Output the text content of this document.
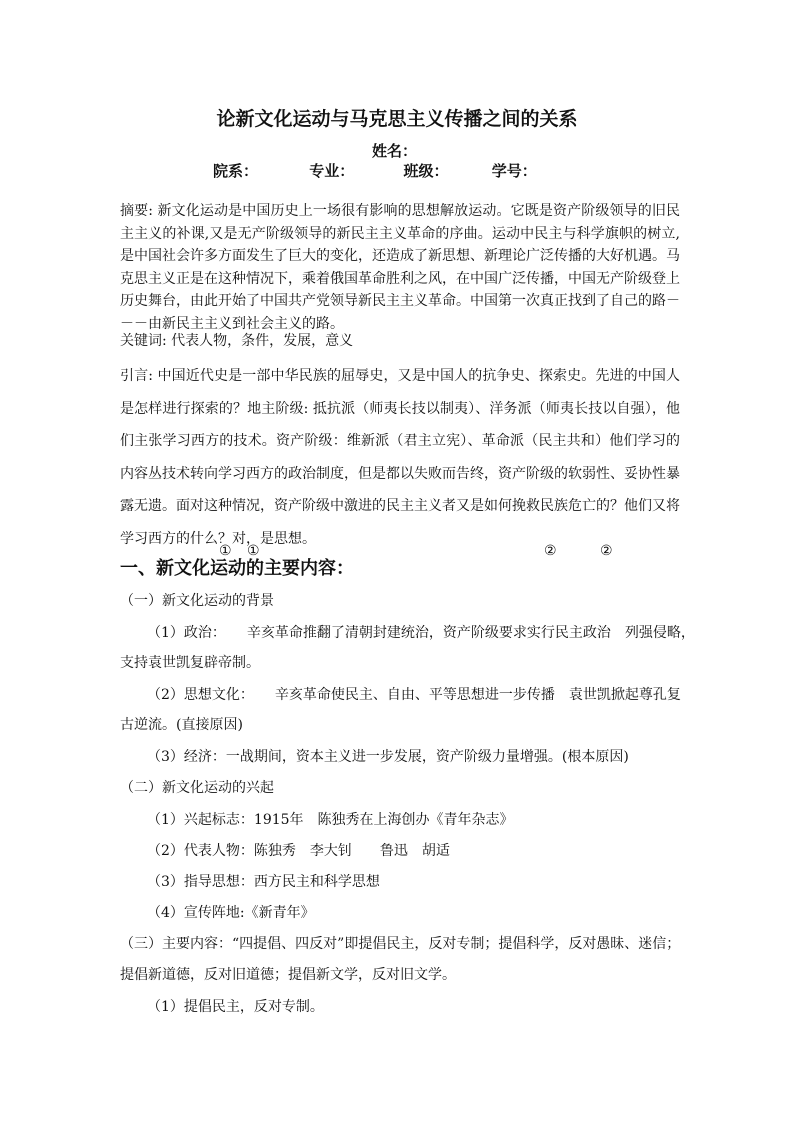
论新文化运动与马克思主义传播之间的关系
姓名：
院系：	专业：	班级：	学号：
摘要: 新文化运动是中国历史上一场很有影响的思想解放运动。它既是资产阶级领导的旧民主主义的补课,又是无产阶级领导的新民主主义革命的序曲。运动中民主与科学旗帜的树立,是中国社会许多方面发生了巨大的变化，还造成了新思想、新理论广泛传播的大好机遇。马克思主义正是在这种情况下，乘着俄国革命胜利之风，在中国广泛传播，中国无产阶级登上历史舞台，由此开始了中国共产党领导新民主主义革命。中国第一次真正找到了自己的路－－－由新民主主义到社会主义的路。
关键词: 代表人物，条件，发展，意义
引言: 中国近代史是一部中华民族的屈辱史，又是中国人的抗争史、探索史。先进的中国人是怎样进行探索的？地主阶级: 抵抗派（师夷长技以制夷）、洋务派（师夷长技以自强），他们主张学习西方的技术。资产阶级：维新派（君主立宪）、革命派（民主共和）他们学习的内容丛技术转向学习西方的政治制度，但是都以失败而告终，资产阶级的软弱性、妥协性暴露无遗。面对这种情况，资产阶级中激进的民主主义者又是如何挽救民族危亡的？他们又将学习西方的什么？对，是思想。
① ①	②	②
一、新文化运动的主要内容：
（一）新文化运动的背景
（1）政治：　　辛亥革命推翻了清朝封建统治，资产阶级要求实行民主政治　列强侵略，
支持袁世凯复辟帝制。
（2）思想文化：　　辛亥革命使民主、自由、平等思想进一步传播　袁世凯掀起尊孔复
古逆流。(直接原因)
（3）经济：一战期间，资本主义进一步发展，资产阶级力量增强。(根本原因)
（二）新文化运动的兴起
（1）兴起标志：1915年　陈独秀在上海创办《青年杂志》
（2）代表人物：陈独秀　李大钊　　鲁迅　胡适
（3）指导思想：西方民主和科学思想
（4）宣传阵地:《新青年》
（三）主要内容：“四提倡、四反对”即提倡民主，反对专制；提倡科学，反对愚昧、迷信；
提倡新道德，反对旧道德；提倡新文学，反对旧文学。
（1）提倡民主，反对专制。
